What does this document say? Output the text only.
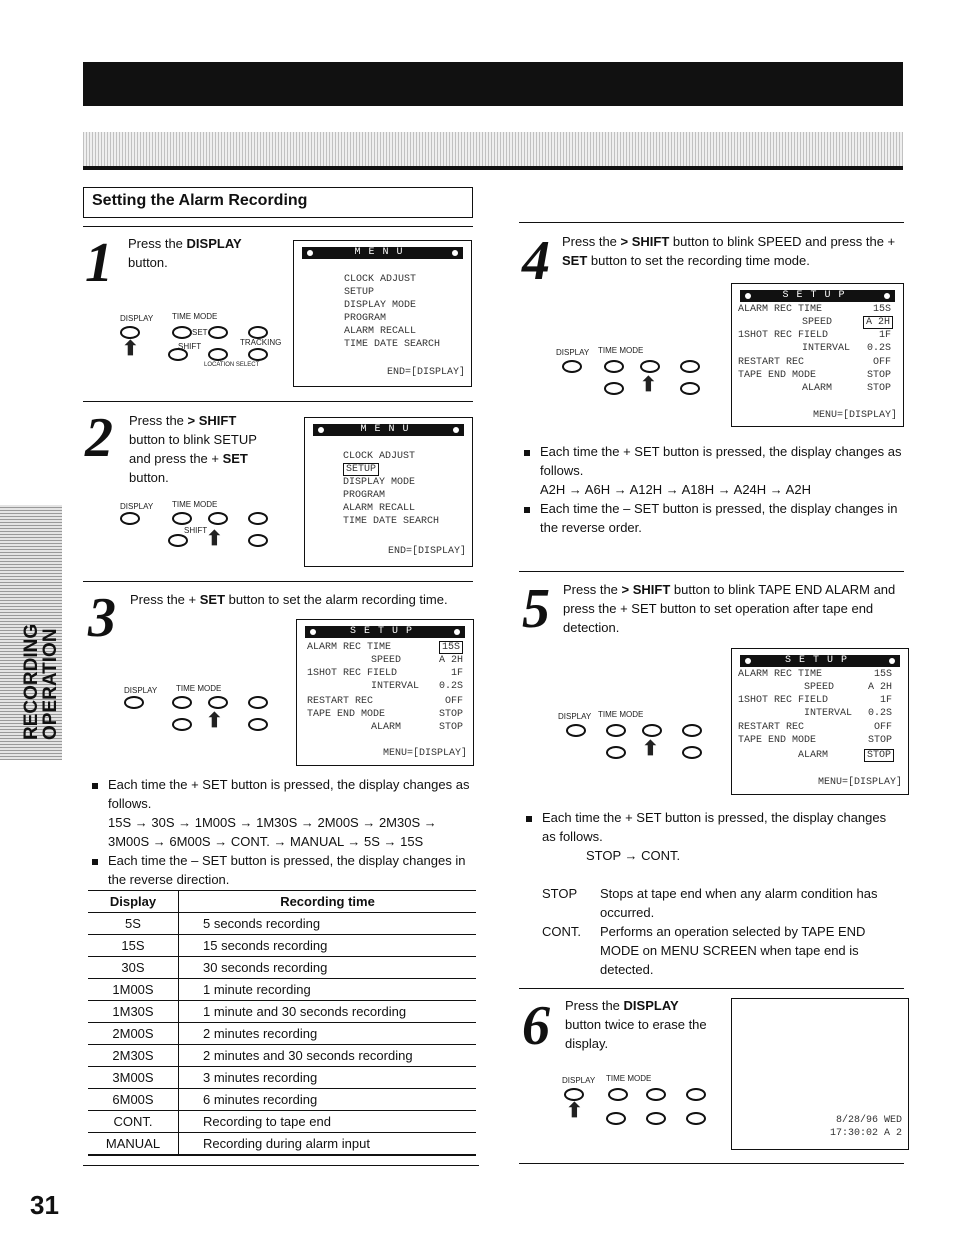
RECORDING
OPERATION
Setting the Alarm Recording
1 Press the DISPLAY
button.
DISPLAY TIME MODE
SET
SHIFT	TRACKING
LOCATION SELECT
⬆
MENU
CLOCK ADJUST
SETUP
DISPLAY MODE
PROGRAM
ALARM RECALL
TIME DATE SEARCH
END=[DISPLAY]
2 Press the > SHIFT
button to blink SETUP and press the + SET
button.
DISPLAY TIME MODE
SHIFT
⬆
MENU
CLOCK ADJUST
SETUP
DISPLAY MODE
PROGRAM
ALARM RECALL
TIME DATE SEARCH
END=[DISPLAY]
3 Press the + SET button to set the alarm recording time.
DISPLAY TIME MODE
⬆
SETUP
ALARM REC TIME	15S
SPEED	A 2H
1SHOT REC FIELD	1F
INTERVAL 0.2S
RESTART REC	OFF
TAPE END MODE	STOP
ALARM	STOP
MENU=[DISPLAY]
Each time the + SET button is pressed, the display changes as follows.
15S → 30S → 1M00S → 1M30S → 2M00S → 2M30S → 3M00S → 6M00S → CONT. → MANUAL → 5S → 15S
Each time the – SET button is pressed, the display changes in the reverse direction.
Display	Recording time
5S	5 seconds recording
15S	15 seconds recording
30S	30 seconds recording
1M00S	1 minute recording
1M30S	1 minute and 30 seconds recording
2M00S	2 minutes recording
2M30S	2 minutes and 30 seconds recording
3M00S	3 minutes recording
6M00S	6 minutes recording
CONT.	Recording to tape end
MANUAL	Recording during alarm input
4 Press the > SHIFT button to blink SPEED and press the + SET button to set the recording time mode.
DISPLAY TIME MODE
⬆
SETUP
ALARM REC TIME	15S
SPEED	A 2H
1SHOT REC FIELD	1F
INTERVAL 0.2S
RESTART REC	OFF
TAPE END MODE	STOP
ALARM	STOP
MENU=[DISPLAY]
Each time the + SET button is pressed, the display changes as follows.
A2H → A6H → A12H → A18H → A24H → A2H
Each time the – SET button is pressed, the display changes in the reverse order.
5 Press the > SHIFT button to blink TAPE END ALARM and press the + SET button to set operation after tape end detection.
DISPLAY TIME MODE
⬆
SETUP
ALARM REC TIME	15S
SPEED	A 2H
1SHOT REC FIELD	1F
INTERVAL 0.2S
RESTART REC	OFF
TAPE END MODE	STOP
ALARM	STOP
MENU=[DISPLAY]
Each time the + SET button is pressed, the display changes as follows.
STOP → CONT.
STOP Stops at tape end when any alarm condition has occurred.
CONT. Performs an operation selected by TAPE END MODE on MENU SCREEN when tape end is detected.
6 Press the DISPLAY
button twice to erase the display.
DISPLAY TIME MODE
⬆	8/28/96 WED
17:30:02 A 2
31
